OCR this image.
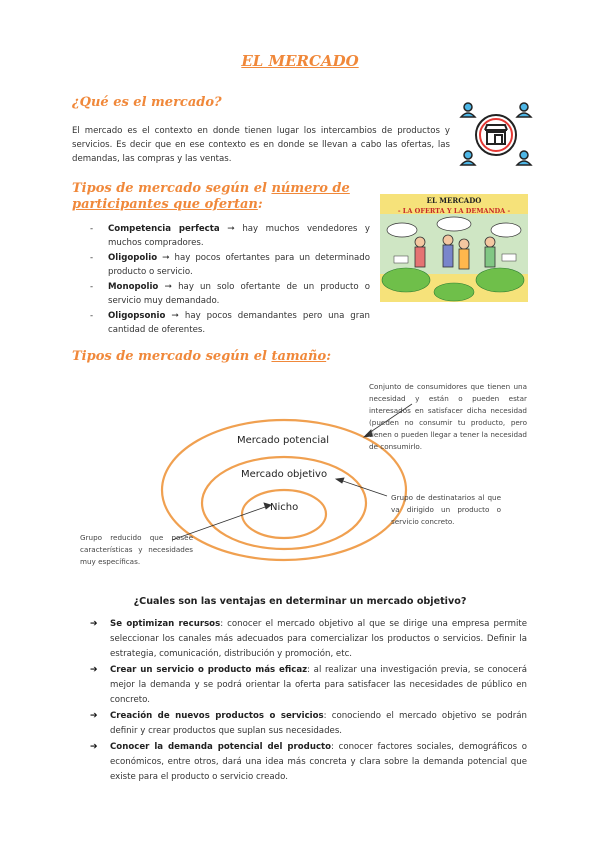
EL MERCADO
¿Qué es el mercado?
El mercado es el contexto en donde tienen lugar los intercambios de productos y servicios. Es decir que en ese contexto es en donde se llevan a cabo las ofertas, las demandas, las compras y las ventas.
Tipos de mercado según el número de participantes que ofertan:
- Competencia perfecta ➞ hay muchos vendedores y muchos compradores.
- Oligopolio ➞ hay pocos ofertantes para un determinado producto o servicio.
- Monopolio ➞ hay un solo ofertante de un producto o servicio muy demandado.
- Oligopsonio ➞ hay pocos demandantes pero una gran cantidad de oferentes.
EL MERCADO
- LA OFERTA Y LA DEMANDA -
Tipos de mercado según el tamaño:
Mercado potencial
Mercado objetivo
Nicho
Conjunto de consumidores que tienen una necesidad y están o pueden estar interesados en satisfacer dicha necesidad (pueden no consumir tu producto, pero tienen o pueden llegar a tener la necesidad de consumirlo.
Grupo de destinatarios al que va dirigido un producto o servicio concreto.
Grupo reducido que posee características y necesidades muy específicas.
¿Cuales son las ventajas en determinar un mercado objetivo?
➔ Se optimizan recursos: conocer el mercado objetivo al que se dirige una empresa permite seleccionar los canales más adecuados para comercializar los productos o servicios. Definir la estrategia, comunicación, distribución y promoción, etc.
➔ Crear un servicio o producto más eficaz: al realizar una investigación previa, se conocerá mejor la demanda y se podrá orientar la oferta para satisfacer las necesidades de público en concreto.
➔ Creación de nuevos productos o servicios: conociendo el mercado objetivo se podrán definir y crear productos que suplan sus necesidades.
➔ Conocer la demanda potencial del producto: conocer factores sociales, demográficos o económicos, entre otros, dará una idea más concreta y clara sobre la demanda potencial que existe para el producto o servicio creado.
